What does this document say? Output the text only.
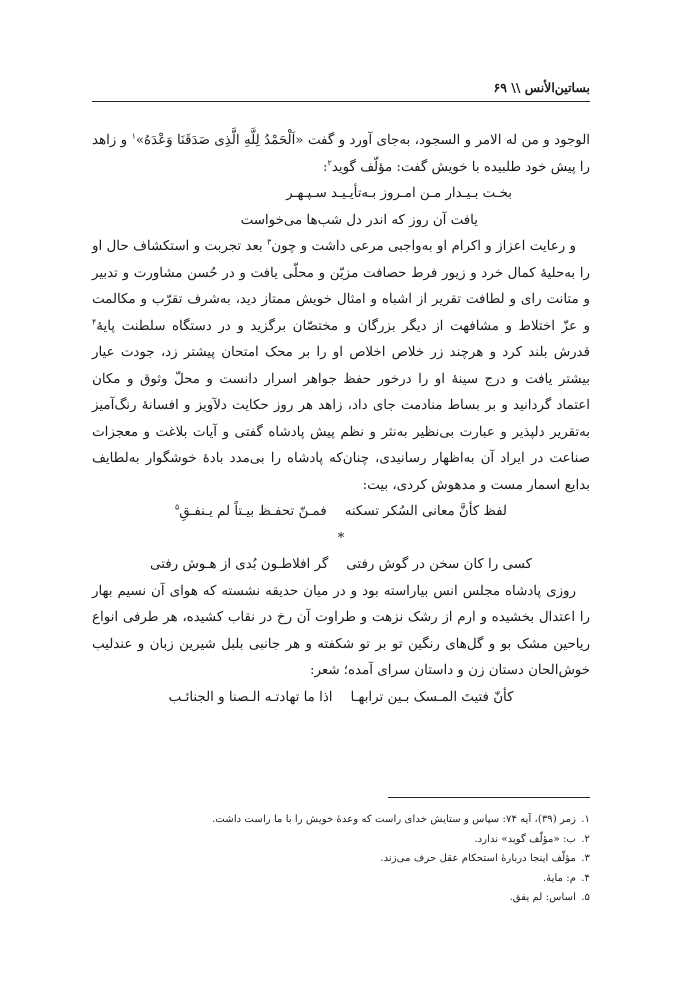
بساتین‌الأنس \\ ۶۹

الوجود و من له الامر و السجود، به‌جای آورد و گفت «اَلْحَمْدُ لِلَّهِ الَّذِی صَدَقَنَا وَعْدَهُ»$^۱$ و زاهد را پیش خود طلبیده با خویش گفت: مؤلّف گوید$^۲$:

بخـت بـیـدار مـن امـروز بـه‌تأیـیـد سـپـهـر

یافت آن روز که اندر دل شب‌ها می‌خواست

و رعایت اعزاز و اکرام او به‌واجبی مرعی داشت و چون$^۳$ بعد تجربت و استکشاف حال او را به‌حلیهٔ کمال خرد و زیور فرط حصافت مزیّن و محلّی یافت و در حُسن مشاورت و تدبیر و متانت رای و لطافت تقریر از اشباه و امثال خویش ممتاز دید، به‌شرف تقرّب و مکالمت و عزّ اختلاط و مشافهت از دیگر بزرگان و مختصّان برگزید و در دستگاه سلطنت پایهٔ$^۴$ قدرش بلند کرد و هرچند زر خلاص اخلاص او را بر محک امتحان پیشتر زد، جودت عیار بیشتر یافت و درج سینهٔ او را درخور حفظ جواهر اسرار دانست و محلّ وثوق و مکان اعتماد گردانید و بر بساط منادمت جای داد، زاهد هر روز حکایت دلآویز و افسانهٔ رنگ‌آمیز به‌تقریر دلپذیر و عبارت بی‌نظیر به‌نثر و نظم پیش پادشاه گفتی و آیات بلاغت و معجزات صناعت در ایراد آن به‌اظهار رسانیدی، چنان‌که پادشاه را بی‌مدد بادهٔ خوشگوار به‌لطایف بدایع اسمار مست و مدهوش کردی، بیت:

لفظ کأنَّ معانی السُکر تسکنهفمـنّ تحفـظ بیـتاً لم یـنفـقِ$^۵$

*

کسی را کان سخن در گوش رفتیگر افلاطـون بُدی از هـوش رفتی

روزی پادشاه مجلس انس بیاراسته بود و در میان حدیقه نشسته که هوای آن نسیم بهار را اعتدال بخشیده و ارم از رشک نزهت و طراوت آن رخ در نقاب کشیده، هر طرفی انواع ریاحین مشک بو و گل‌های رنگین تو بر تو شکفته و هر جانبی بلبل شیرین زبان و عندلیب خوش‌الحان دستان زن و داستان سرای آمده؛ شعر:

کأنّ فتیتَ المـسک بـین ترابهـااذا ما تهادتـه الـصنا و الجنائـب

۱.زمر (۳۹)، آیه ۷۴: سپاس و ستایش خدای راست که وعدهٔ خویش را با ما راست داشت.

۲.ب: «مؤلّف گوید» ندارد.

۳.مؤلّف اینجا دربارهٔ استحکام عقل حرف می‌زند.

۴.م: مایهٔ.

۵.اساس: لم یفق.
